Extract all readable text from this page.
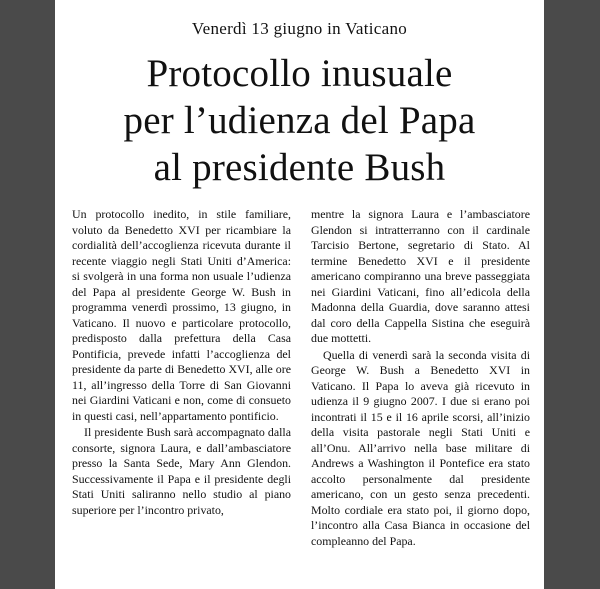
Venerdì 13 giugno in Vaticano
Protocollo inusuale
per l’udienza del Papa
al presidente Bush

Un protocollo inedito, in stile familiare, voluto da Benedetto XVI per ricambiare la cordialità dell’accoglienza ricevuta durante il recente viaggio negli Stati Uniti d’America: si svolgerà in una forma non usuale l’udienza del Papa al presidente George W. Bush in programma venerdì prossimo, 13 giugno, in Vaticano. Il nuovo e particolare protocollo, predisposto dalla prefettura della Casa Pontificia, prevede infatti l’accoglienza del presidente da parte di Benedetto XVI, alle ore 11, all’ingresso della Torre di San Giovanni nei Giardini Vaticani e non, come di consueto in questi casi, nell’appartamento pontificio.

Il presidente Bush sarà accompagnato dalla consorte, signora Laura, e dall’ambasciatore presso la Santa Sede, Mary Ann Glendon. Successivamente il Papa e il presidente degli Stati Uniti saliranno nello studio al piano superiore per l’incontro privato,

mentre la signora Laura e l’ambasciatore Glendon si intratterranno con il cardinale Tarcisio Bertone, segretario di Stato. Al termine Benedetto XVI e il presidente americano compiranno una breve passeggiata nei Giardini Vaticani, fino all’edicola della Madonna della Guardia, dove saranno attesi dal coro della Cappella Sistina che eseguirà due mottetti.

Quella di venerdì sarà la seconda visita di George W. Bush a Benedetto XVI in Vaticano. Il Papa lo aveva già ricevuto in udienza il 9 giugno 2007. I due si erano poi incontrati il 15 e il 16 aprile scorsi, all’inizio della visita pastorale negli Stati Uniti e all’Onu. All’arrivo nella base militare di Andrews a Washington il Pontefice era stato accolto personalmente dal presidente americano, con un gesto senza precedenti. Molto cordiale era stato poi, il giorno dopo, l’incontro alla Casa Bianca in occasione del compleanno del Papa.
